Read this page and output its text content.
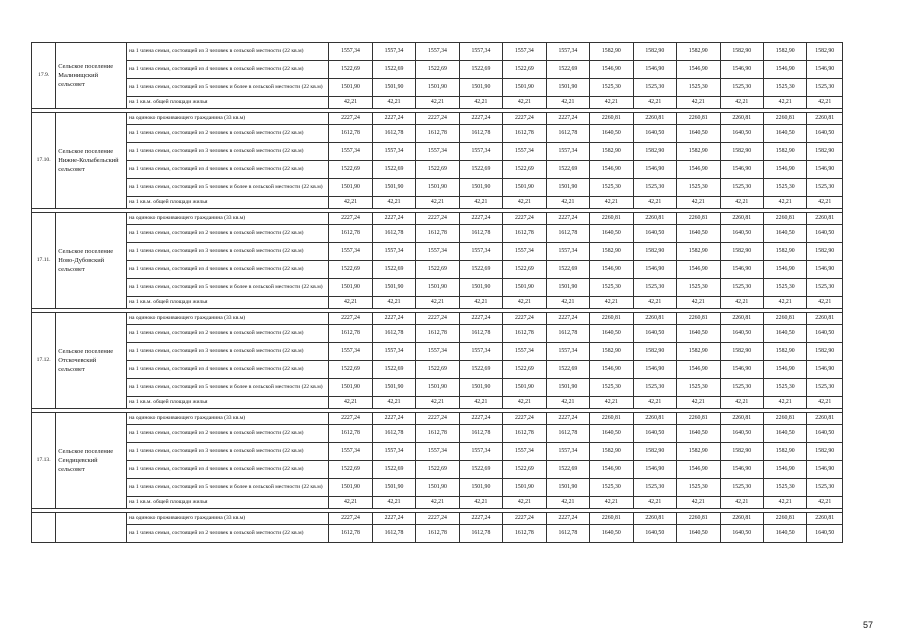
17.9.	Сельское поселение Малинищский сельсовет	на 1 члена семьи, состоящей из 3 человек в сельской местности (22 кв.м)	1557,34	1557,34	1557,34	1557,34	1557,34	1557,34	1582,90	1582,90	1582,90	1582,90	1582,90	1582,90
		на 1 члена семьи, состоящей из 4 человек в сельской местности (22 кв.м)	1522,69	1522,69	1522,69	1522,69	1522,69	1522,69	1546,90	1546,90	1546,90	1546,90	1546,90	1546,90
		на 1 члена семьи, состоящей из 5 человек и более в сельской местности (22 кв.м)	1501,90	1501,90	1501,90	1501,90	1501,90	1501,90	1525,30	1525,30	1525,30	1525,30	1525,30	1525,30
		на 1 кв.м. общей площади жилья	42,21	42,21	42,21	42,21	42,21	42,21	42,21	42,21	42,21	42,21	42,21	42,21

17.10.	Сельское поселение Нижне-Колыбельский сельсовет	на одиноко проживающего гражданина (33 кв.м)	2227,24	2227,24	2227,24	2227,24	2227,24	2227,24	2260,81	2260,81	2260,81	2260,81	2260,81	2260,81
		на 1 члена семьи, состоящей из 2 человек в сельской местности (22 кв.м)	1612,78	1612,78	1612,78	1612,78	1612,78	1612,78	1640,50	1640,50	1640,50	1640,50	1640,50	1640,50
		на 1 члена семьи, состоящей из 3 человек в сельской местности (22 кв.м)	1557,34	1557,34	1557,34	1557,34	1557,34	1557,34	1582,90	1582,90	1582,90	1582,90	1582,90	1582,90
		на 1 члена семьи, состоящей из 4 человек в сельской местности (22 кв.м)	1522,69	1522,69	1522,69	1522,69	1522,69	1522,69	1546,90	1546,90	1546,90	1546,90	1546,90	1546,90
		на 1 члена семьи, состоящей из 5 человек и более в сельской местности (22 кв.м)	1501,90	1501,90	1501,90	1501,90	1501,90	1501,90	1525,30	1525,30	1525,30	1525,30	1525,30	1525,30
		на 1 кв.м. общей площади жилья	42,21	42,21	42,21	42,21	42,21	42,21	42,21	42,21	42,21	42,21	42,21	42,21

17.11.	Сельское поселение Ново-Дубовский сельсовет	на одиноко проживающего гражданина (33 кв.м)	2227,24	2227,24	2227,24	2227,24	2227,24	2227,24	2260,81	2260,81	2260,81	2260,81	2260,81	2260,81
		на 1 члена семьи, состоящей из 2 человек в сельской местности (22 кв.м)	1612,78	1612,78	1612,78	1612,78	1612,78	1612,78	1640,50	1640,50	1640,50	1640,50	1640,50	1640,50
		на 1 члена семьи, состоящей из 3 человек в сельской местности (22 кв.м)	1557,34	1557,34	1557,34	1557,34	1557,34	1557,34	1582,90	1582,90	1582,90	1582,90	1582,90	1582,90
		на 1 члена семьи, состоящей из 4 человек в сельской местности (22 кв.м)	1522,69	1522,69	1522,69	1522,69	1522,69	1522,69	1546,90	1546,90	1546,90	1546,90	1546,90	1546,90
		на 1 члена семьи, состоящей из 5 человек и более в сельской местности (22 кв.м)	1501,90	1501,90	1501,90	1501,90	1501,90	1501,90	1525,30	1525,30	1525,30	1525,30	1525,30	1525,30
		на 1 кв.м. общей площади жилья	42,21	42,21	42,21	42,21	42,21	42,21	42,21	42,21	42,21	42,21	42,21	42,21

17.12.	Сельское поселение Отскочевский сельсовет	на одиноко проживающего гражданина (33 кв.м)	2227,24	2227,24	2227,24	2227,24	2227,24	2227,24	2260,81	2260,81	2260,81	2260,81	2260,81	2260,81
		на 1 члена семьи, состоящей из 2 человек в сельской местности (22 кв.м)	1612,78	1612,78	1612,78	1612,78	1612,78	1612,78	1640,50	1640,50	1640,50	1640,50	1640,50	1640,50
		на 1 члена семьи, состоящей из 3 человек в сельской местности (22 кв.м)	1557,34	1557,34	1557,34	1557,34	1557,34	1557,34	1582,90	1582,90	1582,90	1582,90	1582,90	1582,90
		на 1 члена семьи, состоящей из 4 человек в сельской местности (22 кв.м)	1522,69	1522,69	1522,69	1522,69	1522,69	1522,69	1546,90	1546,90	1546,90	1546,90	1546,90	1546,90
		на 1 члена семьи, состоящей из 5 человек и более в сельской местности (22 кв.м)	1501,90	1501,90	1501,90	1501,90	1501,90	1501,90	1525,30	1525,30	1525,30	1525,30	1525,30	1525,30
		на 1 кв.м. общей площади жилья	42,21	42,21	42,21	42,21	42,21	42,21	42,21	42,21	42,21	42,21	42,21	42,21

17.13.	Сельское поселение Сендицевский сельсовет	на одиноко проживающего гражданина (33 кв.м)	2227,24	2227,24	2227,24	2227,24	2227,24	2227,24	2260,81	2260,81	2260,81	2260,81	2260,81	2260,81
		на 1 члена семьи, состоящей из 2 человек в сельской местности (22 кв.м)	1612,78	1612,78	1612,78	1612,78	1612,78	1612,78	1640,50	1640,50	1640,50	1640,50	1640,50	1640,50
		на 1 члена семьи, состоящей из 3 человек в сельской местности (22 кв.м)	1557,34	1557,34	1557,34	1557,34	1557,34	1557,34	1582,90	1582,90	1582,90	1582,90	1582,90	1582,90
		на 1 члена семьи, состоящей из 4 человек в сельской местности (22 кв.м)	1522,69	1522,69	1522,69	1522,69	1522,69	1522,69	1546,90	1546,90	1546,90	1546,90	1546,90	1546,90
		на 1 члена семьи, состоящей из 5 человек и более в сельской местности (22 кв.м)	1501,90	1501,90	1501,90	1501,90	1501,90	1501,90	1525,30	1525,30	1525,30	1525,30	1525,30	1525,30
		на 1 кв.м. общей площади жилья	42,21	42,21	42,21	42,21	42,21	42,21	42,21	42,21	42,21	42,21	42,21	42,21

		на одиноко проживающего гражданина (33 кв.м)	2227,24	2227,24	2227,24	2227,24	2227,24	2227,24	2260,81	2260,81	2260,81	2260,81	2260,81	2260,81
		на 1 члена семьи, состоящей из 2 человек в сельской местности (22 кв.м)	1612,78	1612,78	1612,78	1612,78	1612,78	1612,78	1640,50	1640,50	1640,50	1640,50	1640,50	1640,50
57
